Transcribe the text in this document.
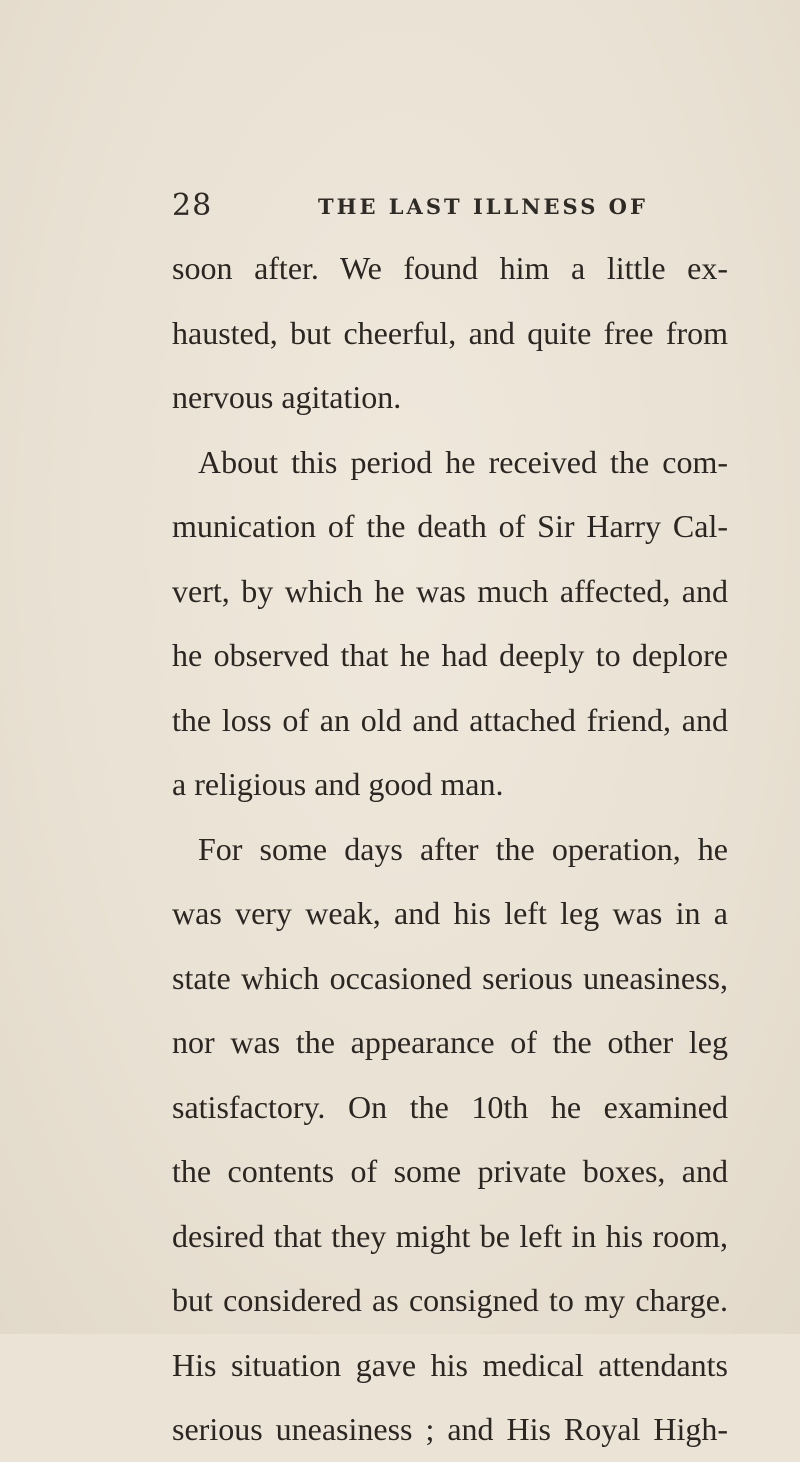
28	THE LAST ILLNESS OF
soon after. We found him a little ex-
hausted, but cheerful, and quite free from
nervous agitation.
About this period he received the com-
munication of the death of Sir Harry Cal-
vert, by which he was much affected, and
he observed that he had deeply to deplore
the loss of an old and attached friend, and
a religious and good man.
For some days after the operation, he
was very weak, and his left leg was in a
state which occasioned serious uneasiness,
nor was the appearance of the other leg
satisfactory. On the 10th he examined
the contents of some private boxes, and
desired that they might be left in his room,
but considered as consigned to my charge.
His situation gave his medical attendants
serious uneasiness ; and His Royal High-
